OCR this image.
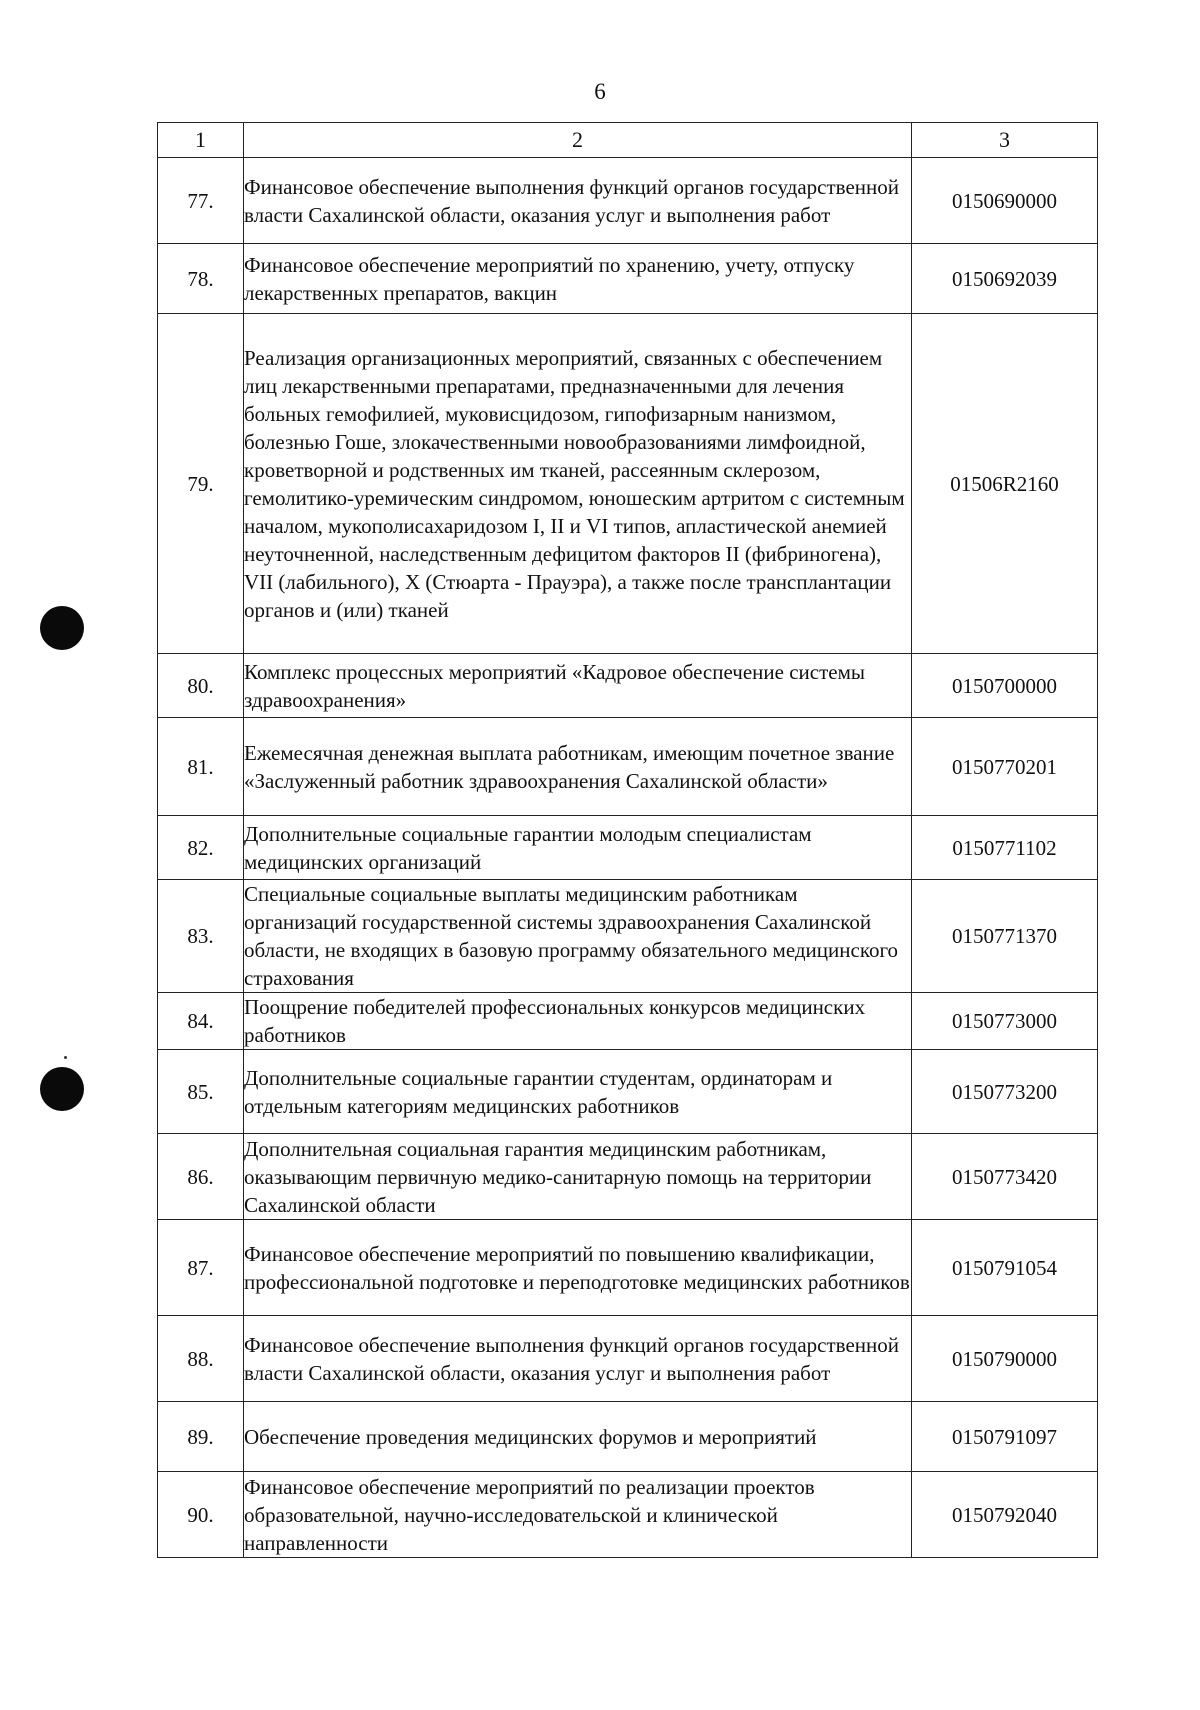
6
1	2	3
77.	Финансовое обеспечение выполнения функций органов государственной власти Сахалинской области, оказания услуг и выполнения работ	0150690000
78.	Финансовое обеспечение мероприятий по хранению, учету, отпуску лекарственных препаратов, вакцин	0150692039
79.	Реализация организационных мероприятий, связанных с обеспечением лиц лекарственными препаратами, предназначенными для лечения больных гемофилией, муковисцидозом, гипофизарным нанизмом, болезнью Гоше, злокачественными новообразованиями лимфоидной, кроветворной и родственных им тканей, рассеянным склерозом, гемолитико-уремическим синдромом, юношеским артритом с системным началом, мукополисахаридозом I, II и VI типов, апластической анемией неуточненной, наследственным дефицитом факторов II (фибриногена), VII (лабильного), X (Стюарта - Прауэра), а также после трансплантации органов и (или) тканей	01506R2160
80.	Комплекс процессных мероприятий «Кадровое обеспечение системы здравоохранения»	0150700000
81.	Ежемесячная денежная выплата работникам, имеющим почетное звание «Заслуженный работник здравоохранения Сахалинской области»	0150770201
82.	Дополнительные социальные гарантии молодым специалистам медицинских организаций	0150771102
83.	Специальные социальные выплаты медицинским работникам организаций государственной системы здравоохранения Сахалинской области, не входящих в базовую программу обязательного медицинского страхования	0150771370
84.	Поощрение победителей профессиональных конкурсов медицинских работников	0150773000
85.	Дополнительные социальные гарантии студентам, ординаторам и отдельным категориям медицинских работников	0150773200
86.	Дополнительная социальная гарантия медицинским работникам, оказывающим первичную медико-санитарную помощь на территории Сахалинской области	0150773420
87.	Финансовое обеспечение мероприятий по повышению квалификации, профессиональной подготовке и переподготовке медицинских работников	0150791054
88.	Финансовое обеспечение выполнения функций органов государственной власти Сахалинской области, оказания услуг и выполнения работ	0150790000
89.	Обеспечение проведения медицинских форумов и мероприятий	0150791097
90.	Финансовое обеспечение мероприятий по реализации проектов образовательной, научно-исследовательской и клинической направленности	0150792040
